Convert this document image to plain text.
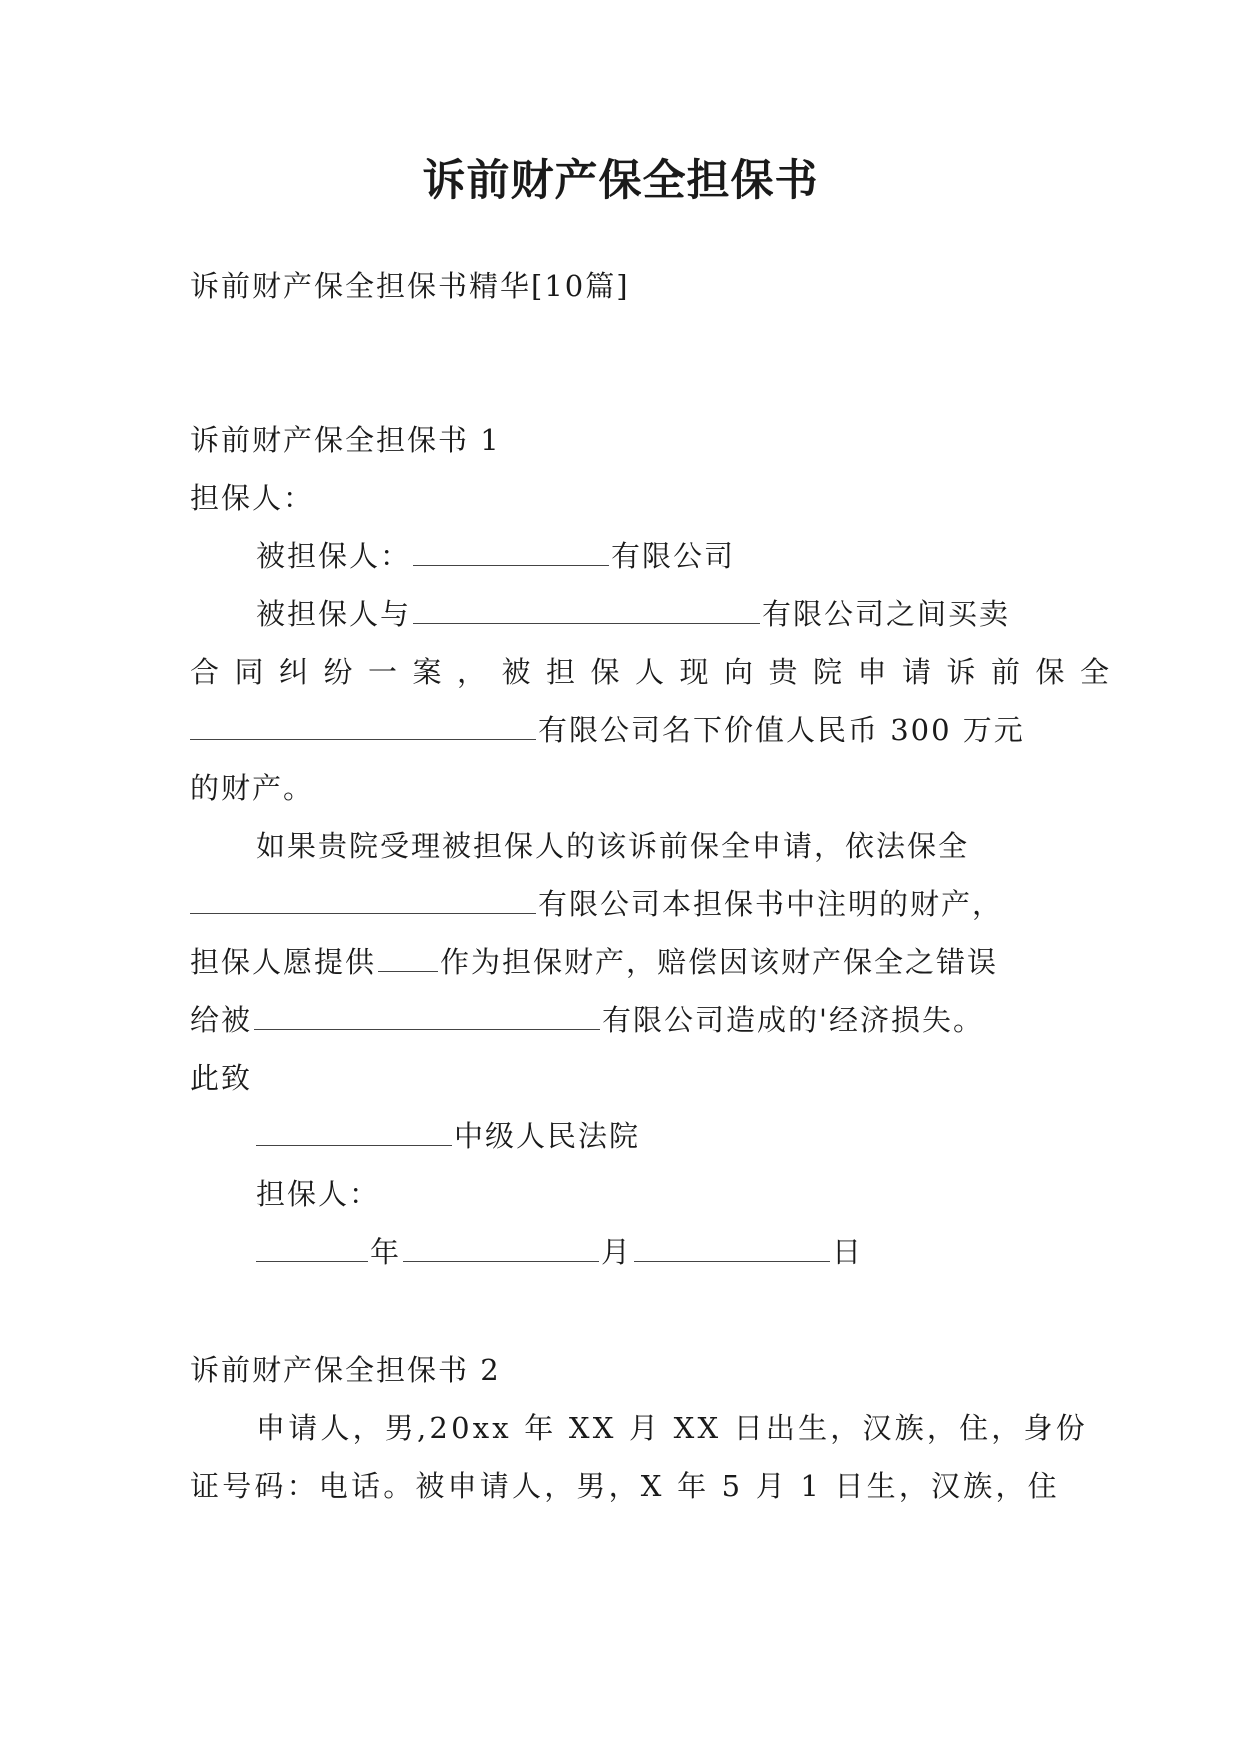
诉前财产保全担保书
诉前财产保全担保书精华[10篇]
诉前财产保全担保书 1
担保人：
被担保人：	有限公司
被担保人与	有限公司之间买卖
合同纠纷一案，被担保人现向贵院申请诉前保全
有限公司名下价值人民币 300 万元
的财产。
如果贵院受理被担保人的该诉前保全申请，依法保全
有限公司本担保书中注明的财产，
担保人愿提供 作为担保财产，赔偿因该财产保全之错误
给被	有限公司造成的'经济损失。
此致
中级人民法院
担保人：
年	月	日
诉前财产保全担保书 2
申请人，男,20xx 年 XX 月 XX 日出生，汉族，住，身份
证号码：电话。被申请人，男，X 年 5 月 1 日生，汉族，住
